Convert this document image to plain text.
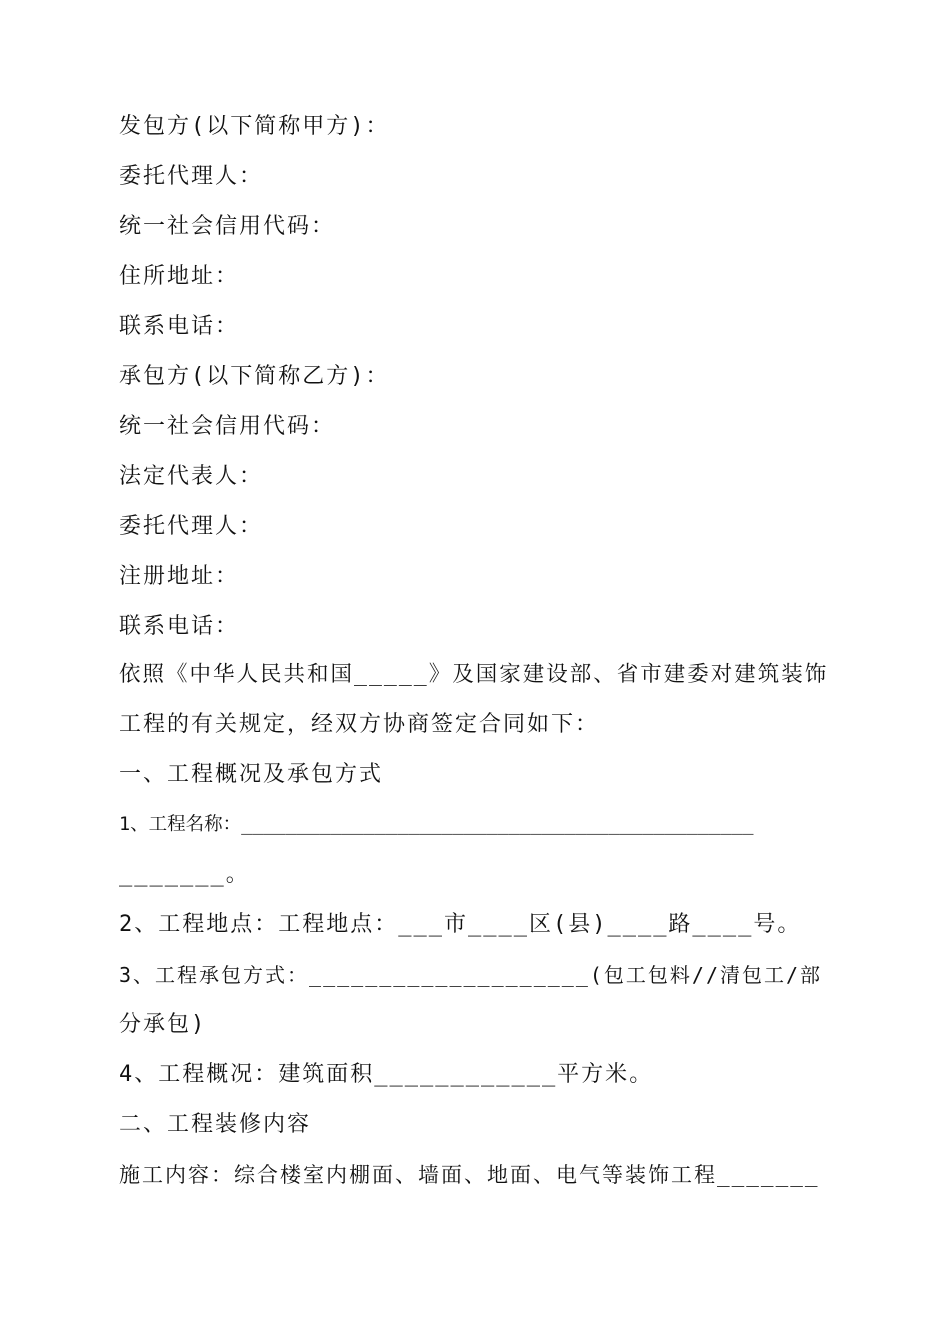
发包方(以下简称甲方)：
委托代理人：
统一社会信用代码：
住所地址：
联系电话：
承包方(以下简称乙方)：
统一社会信用代码：
法定代表人：
委托代理人：
注册地址：
联系电话：
依照《中华人民共和国_____》及国家建设部、省市建委对建筑装饰
工程的有关规定，经双方协商签定合同如下：
一、工程概况及承包方式
1、工程名称：______________________________________________
_______。
2、工程地点：工程地点：___市____区(县)____路____号。
3、工程承包方式：____________________(包工包料//清包工/部
分承包)
4、工程概况：建筑面积____________平方米。
二、工程装修内容
施工内容：综合楼室内棚面、墙面、地面、电气等装饰工程_______
